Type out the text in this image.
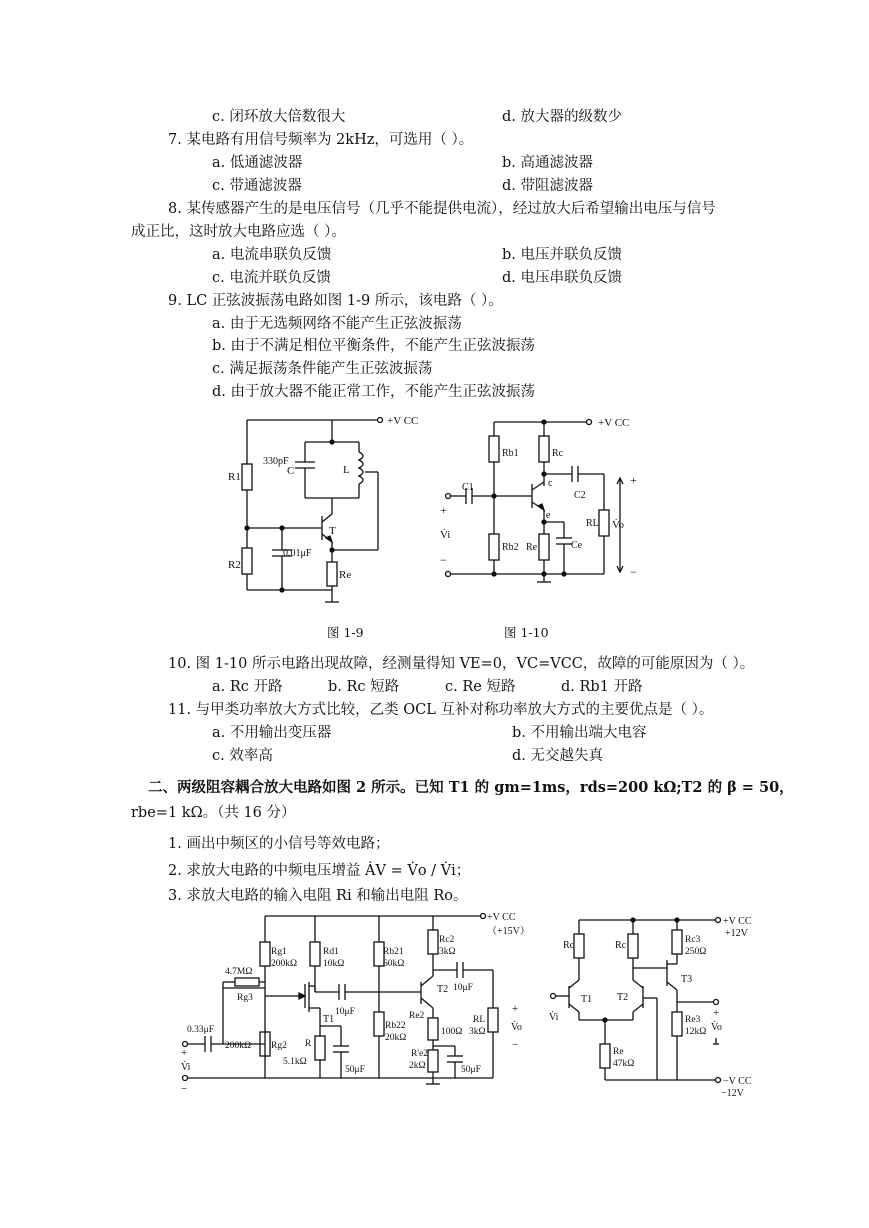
c. 闭环放大倍数很大	d. 放大器的级数少
7. 某电路有用信号频率为 2kHz，可选用（ ）。
a. 低通滤波器	b. 高通滤波器
c. 带通滤波器	d. 带阻滤波器
8. 某传感器产生的是电压信号（几乎不能提供电流），经过放大后希望输出电压与信号
成正比，这时放大电路应选（ ）。
a. 电流串联负反馈	b. 电压并联负反馈
c. 电流并联负反馈	d. 电压串联负反馈
9. LC 正弦波振荡电路如图 1-9 所示，该电路（ ）。
a. 由于无选频网络不能产生正弦波振荡
b. 由于不满足相位平衡条件，不能产生正弦波振荡
c. 满足振荡条件能产生正弦波振荡
d. 由于放大器不能正常工作，不能产生正弦波振荡
+V CC
330pF
C	L
R1
R2
T
0.01μF
Re
+V CC
Rb1	Rc
Rb2 Re
C1
C2
Ce
RL
c
e
+
V̇i
−
V̇o
+
−
图 1-9	图 1-10
10. 图 1-10 所示电路出现故障，经测量得知 VE=0，VC=VCC，故障的可能原因为（ ）。
a. Rc 开路	b. Rc 短路	c. Re 短路	d. Rb1 开路
11. 与甲类功率放大方式比较，乙类 OCL 互补对称功率放大方式的主要优点是（ ）。
a. 不用输出变压器	b. 不用输出端大电容
c. 效率高	d. 无交越失真
二、两级阻容耦合放大电路如图 2 所示。已知 T1 的 gm=1ms，rds=200 kΩ;T2 的 β = 50，
rbe=1 kΩ。（共 16 分）
1. 画出中频区的小信号等效电路；
2. 求放大电路的中频电压增益 ȦV = V̇o / V̇i；
3. 求放大电路的输入电阻 Ri 和输出电阻 Ro。
+V CC
（+15V）
Rg1
200kΩ
Rd1
10kΩ
Rb21
60kΩ
Rc2
3kΩ
4.7MΩ
Rg3
0.33μF
10μF
10μF
T1
T2
200kΩ Rg2
Rb22
20kΩ
Re2
100Ω
RL
3kΩ
R
5.1kΩ
50μF
R'e2
2kΩ	50μF
+
V̇i
−
+
V̇o
−
+V CC
+12V
Rc	Rc	Rc3
250Ω
T1 T2
T3
Re3
12kΩ
Re
47kΩ
V̇i	+
V̇o
−V CC
−12V
